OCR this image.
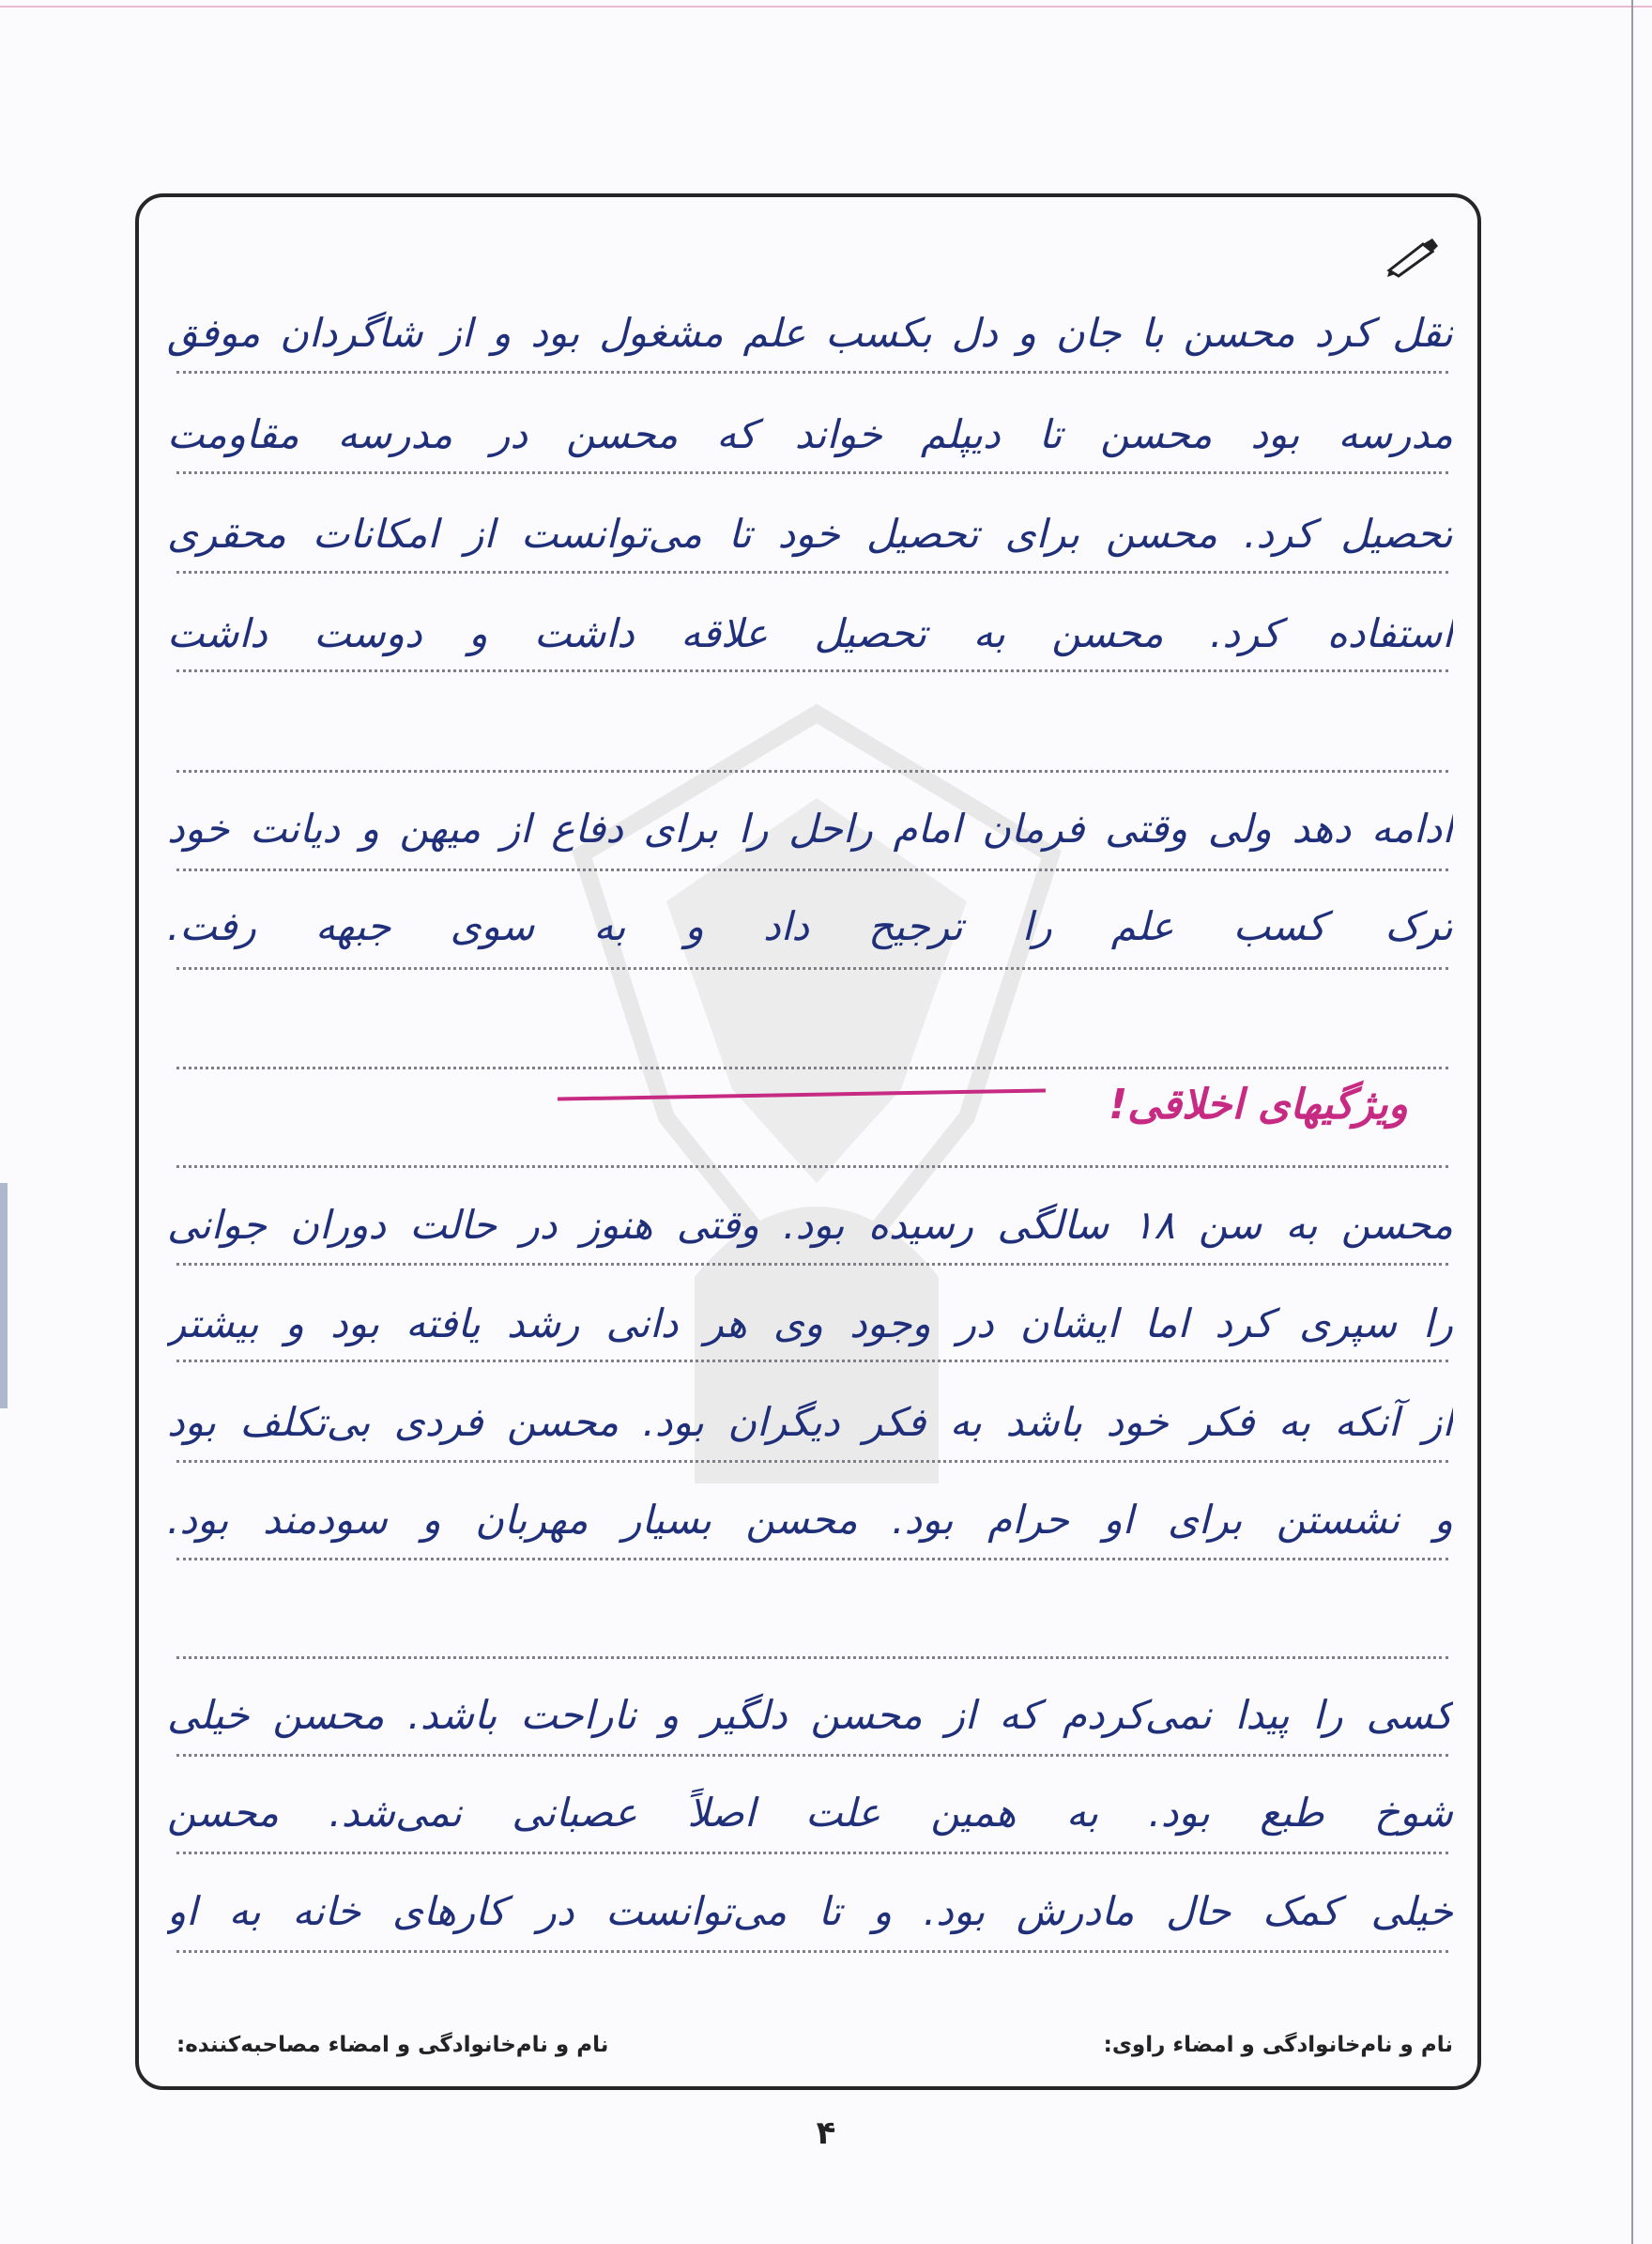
نقل کرد محسن با جان و دل بکسب علم مشغول بود و از شاگردان موفق
مدرسه بود محسن تا دیپلم خواند که محسن در مدرسه مقاومت
تحصیل کرد. محسن برای تحصیل خود تا می‌توانست از امکانات محقری
استفاده کرد. محسن به تحصیل علاقه داشت و دوست داشت
ادامه دهد ولی وقتی فرمان امام راحل را برای دفاع از میهن و دیانت خود
ترک کسب علم را ترجیح داد و به سوی جبهه رفت.
ویژگیهای اخلاقی!
محسن به سن ۱۸ سالگی رسیده بود. وقتی هنوز در حالت دوران جوانی
را سپری کرد اما ایشان در وجود وی هر دانی رشد یافته بود و بیشتر
از آنکه به فکر خود باشد به فکر دیگران بود. محسن فردی بی‌تکلف بود
و نشستن برای او حرام بود. محسن بسیار مهربان و سودمند بود.
کسی را پیدا نمی‌کردم که از محسن دلگیر و ناراحت باشد. محسن خیلی
شوخ طبع بود. به همین علت اصلاً عصبانی نمی‌شد. محسن
خیلی کمک حال مادرش بود. و تا می‌توانست در کارهای خانه به او
نام و نام‌خانوادگی و امضاء راوی:
نام و نام‌خانوادگی و امضاء مصاحبه‌کننده:
۴
